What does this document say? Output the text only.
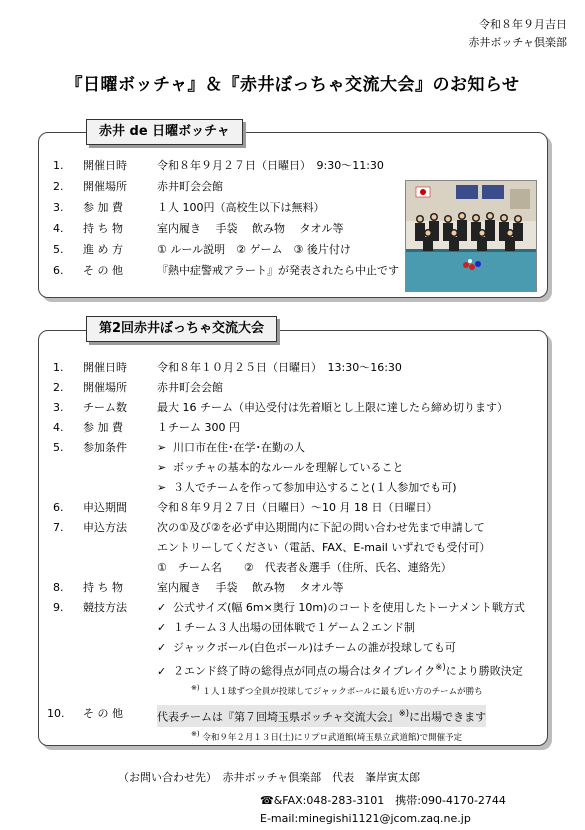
令和８年９月吉日
赤井ボッチャ倶楽部
『日曜ボッチャ』＆『赤井ぼっちゃ交流大会』のお知らせ
1.	開催日時	令和８年９月２７日（日曜日）　9:30～11:30
2.	開催場所	赤井町会会館
3.	参 加 費	１人 100円（高校生以下は無料）
4.	持 ち 物	室内履き　 手袋　 飲み物　 タオル等
5.	進 め 方	① ルール説明　② ゲーム　③ 後片付け
6.	そ の 他	『熱中症警戒アラート』が発表されたら中止です
赤井 de 日曜ボッチャ
1.	開催日時	令和８年１０月２５日（日曜日）　13:30～16:30
2.	開催場所	赤井町会会館
3.	チーム数	最大 16 チーム（申込受付は先着順とし上限に達したら締め切ります）
4.	参 加 費	１チーム 300 円
5.	参加条件	➢ 川口市在住･在学･在勤の人
➢ ボッチャの基本的なルールを理解していること
➢ ３人でチームを作って参加申込すること(１人参加でも可)
6.	申込期間	令和８年９月２７日（日曜日）～10 月 18 日（日曜日）
7.	申込方法	次の①及び②を必ず申込期間内に下記の問い合わせ先まで申請して
エントリーしてください（電話、FAX、E-mail いずれでも受付可）
①　チーム名　　②　代表者＆選手（住所、氏名、連絡先）
8.	持 ち 物	室内履き　 手袋　 飲み物　 タオル等
9.	競技方法	✓ 公式サイズ(幅 6m×奥行 10m)のコートを使用したトーナメント戦方式
✓ １チーム３人出場の団体戦で１ゲーム２エンド制
✓ ジャックボール(白色ボール)はチームの誰が投球しても可
✓ ２エンド終了時の総得点が同点の場合はタイブレイク※)により勝敗決定
※) １人１球ずつ全員が投球してジャックボールに最も近い方のチームが勝ち
10.	そ の 他	代表チームは『第７回埼玉県ボッチャ交流大会』※)に出場できます
※) 令和９年２月１３日(土)にリプロ武道館(埼玉県立武道館)で開催予定
第2回赤井ぼっちゃ交流大会
（お問い合わせ先）　赤井ボッチャ倶楽部　代表　峯岸寅太郎
☎&FAX:048-283-3101　携帯:090-4170-2744
E-mail:minegishi1121@jcom.zaq.ne.jp
